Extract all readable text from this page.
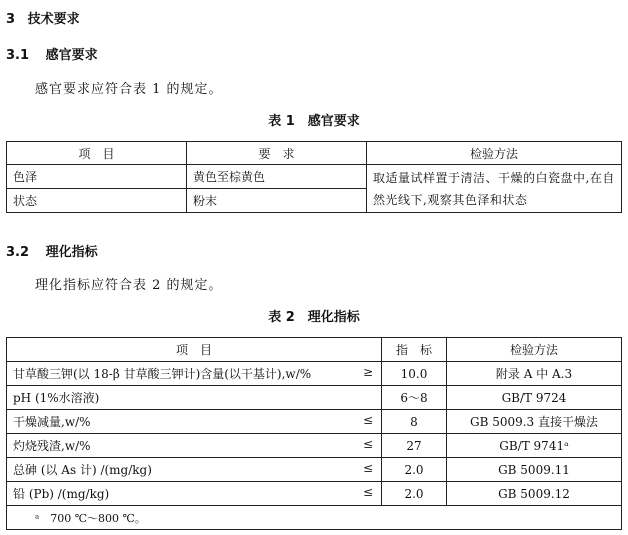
3 技术要求
3.1 感官要求
感官要求应符合表 1 的规定。
表 1　感官要求
项　目	要　求	检验方法
色泽	黄色至棕黄色	取适量试样置于清洁、干燥的白瓷盘中,在自然光线下,观察其色泽和状态
状态	粉末	
3.2 理化指标
理化指标应符合表 2 的规定。
表 2　理化指标
项　目	指　标	检验方法

甘草酸三钾(以 18-β 甘草酸三钾计)含量(以干基计),w/% ≥	10.0	附录 A 中 A.3

pH (1%水溶液)	6～8	GB/T 9724

干燥减量,w/% ≤	8	GB 5009.3 直接干燥法

灼烧残渣,w/% ≤	27	GB/T 9741ᵃ

总砷 (以 As 计) /(mg/kg) ≤	2.0	GB 5009.11

铅 (Pb) /(mg/kg) ≤	2.0	GB 5009.12
ᵃ　700 ℃～800 ℃。		
